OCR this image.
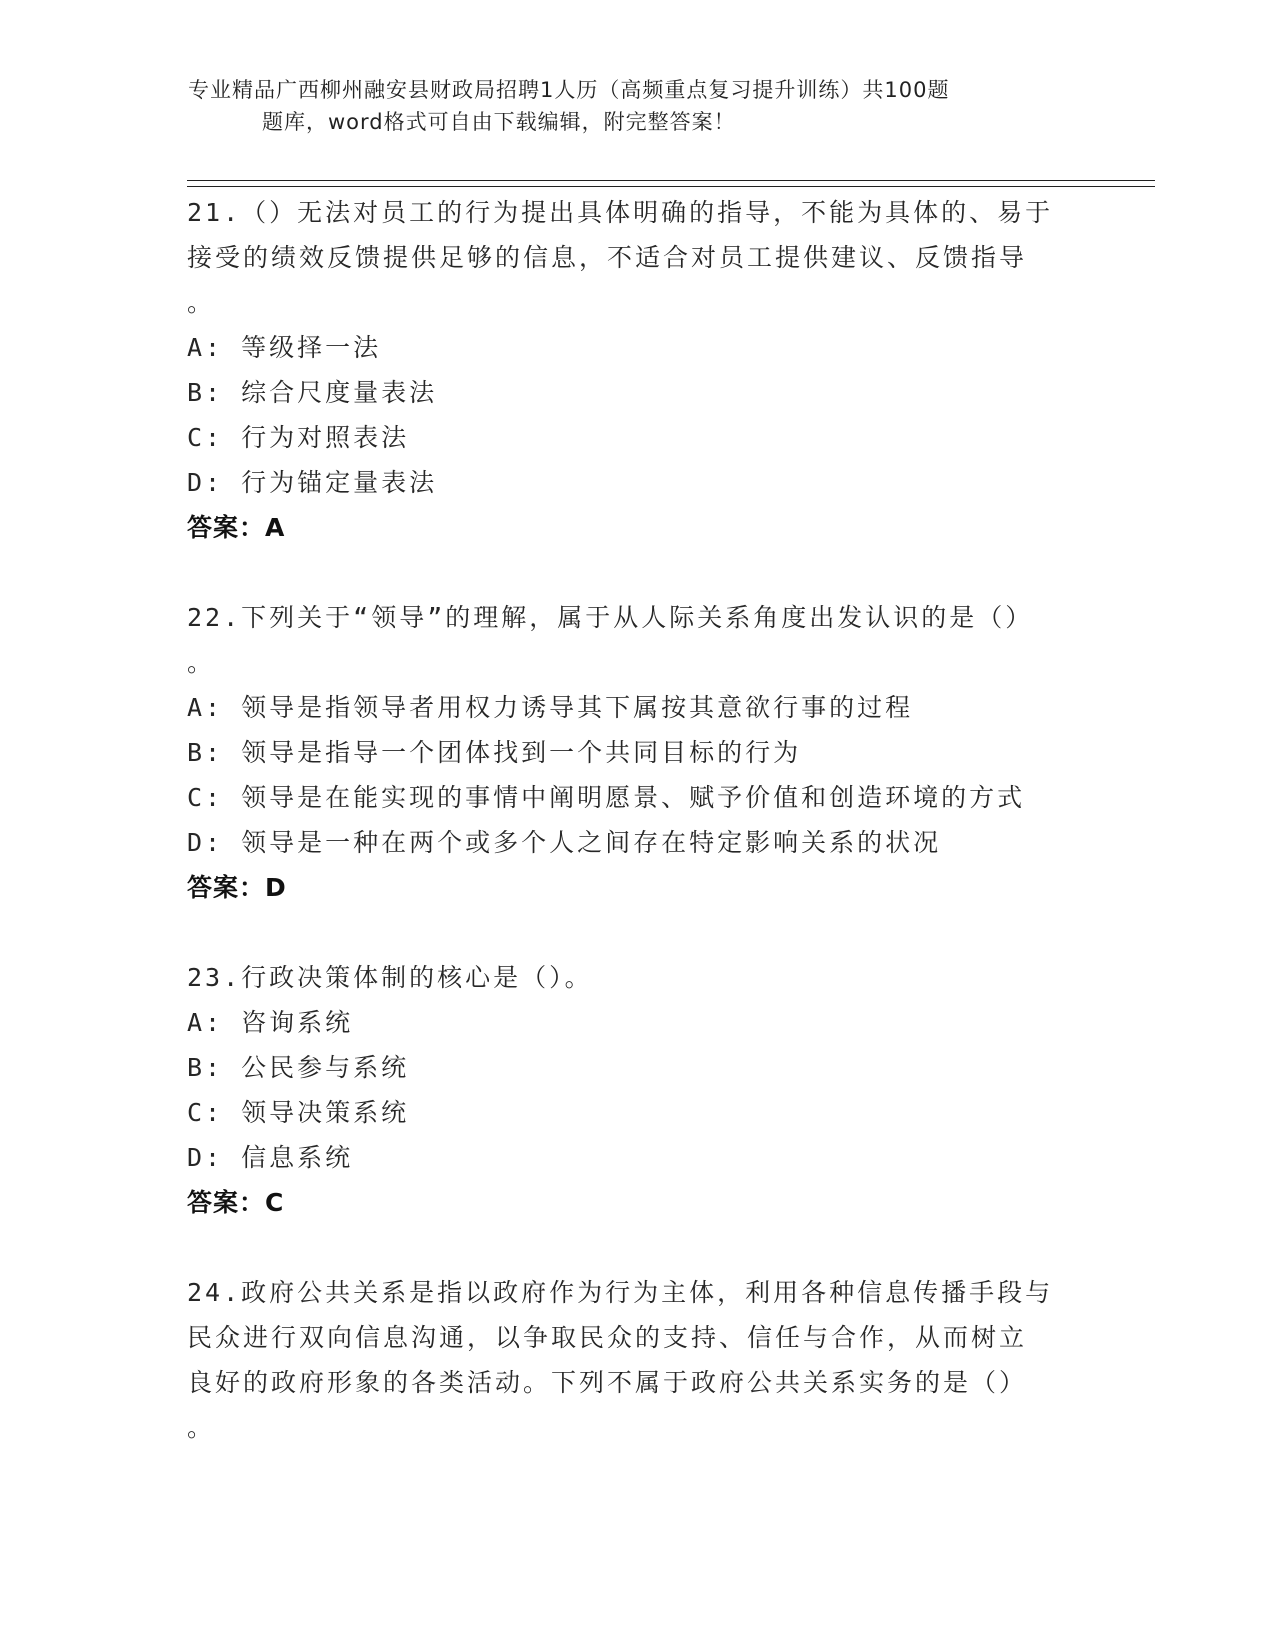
专业精品广西柳州融安县财政局招聘1人历（高频重点复习提升训练）共100题
题库，word格式可自由下载编辑，附完整答案！
21.（）无法对员工的行为提出具体明确的指导，不能为具体的、易于
接受的绩效反馈提供足够的信息，不适合对员工提供建议、反馈指导
。
A: 等级择一法
B: 综合尺度量表法
C: 行为对照表法
D: 行为锚定量表法
答案：A
22.下列关于“领导”的理解，属于从人际关系角度出发认识的是（）
。
A: 领导是指领导者用权力诱导其下属按其意欲行事的过程
B: 领导是指导一个团体找到一个共同目标的行为
C: 领导是在能实现的事情中阐明愿景、赋予价值和创造环境的方式
D: 领导是一种在两个或多个人之间存在特定影响关系的状况
答案：D
23.行政决策体制的核心是（）。
A: 咨询系统
B: 公民参与系统
C: 领导决策系统
D: 信息系统
答案：C
24.政府公共关系是指以政府作为行为主体，利用各种信息传播手段与
民众进行双向信息沟通，以争取民众的支持、信任与合作，从而树立
良好的政府形象的各类活动。下列不属于政府公共关系实务的是（）
。
